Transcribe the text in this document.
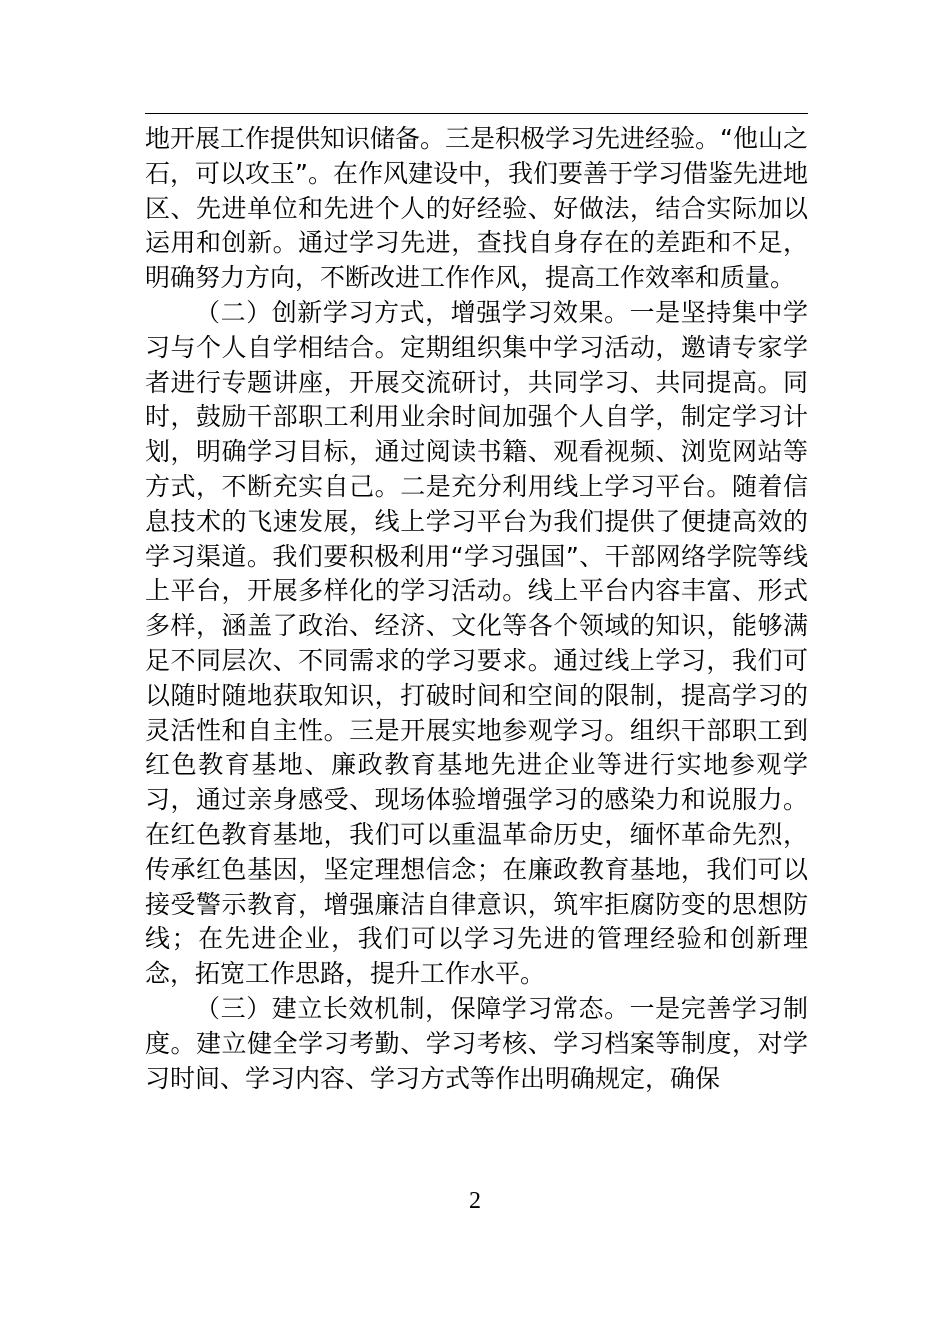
地开展工作提供知识储备。三是积极学习先进经验。“他山之石，可以攻玉”。在作风建设中，我们要善于学习借鉴先进地区、先进单位和先进个人的好经验、好做法，结合实际加以运用和创新。通过学习先进，查找自身存在的差距和不足，明确努力方向，不断改进工作作风，提高工作效率和质量。

（二）创新学习方式，增强学习效果。一是坚持集中学习与个人自学相结合。定期组织集中学习活动，邀请专家学者进行专题讲座，开展交流研讨，共同学习、共同提高。同时，鼓励干部职工利用业余时间加强个人自学，制定学习计划，明确学习目标，通过阅读书籍、观看视频、浏览网站等方式，不断充实自己。二是充分利用线上学习平台。随着信息技术的飞速发展，线上学习平台为我们提供了便捷高效的学习渠道。我们要积极利用“学习强国”、干部网络学院等线上平台，开展多样化的学习活动。线上平台内容丰富、形式多样，涵盖了政治、经济、文化等各个领域的知识，能够满足不同层次、不同需求的学习要求。通过线上学习，我们可以随时随地获取知识，打破时间和空间的限制，提高学习的灵活性和自主性。三是开展实地参观学习。组织干部职工到红色教育基地、廉政教育基地先进企业等进行实地参观学习，通过亲身感受、现场体验增强学习的感染力和说服力。在红色教育基地，我们可以重温革命历史，缅怀革命先烈，传承红色基因，坚定理想信念；在廉政教育基地，我们可以接受警示教育，增强廉洁自律意识，筑牢拒腐防变的思想防线；在先进企业，我们可以学习先进的管理经验和创新理念，拓宽工作思路，提升工作水平。

（三）建立长效机制，保障学习常态。一是完善学习制度。建立健全学习考勤、学习考核、学习档案等制度，对学习时间、学习内容、学习方式等作出明确规定，确保

2
